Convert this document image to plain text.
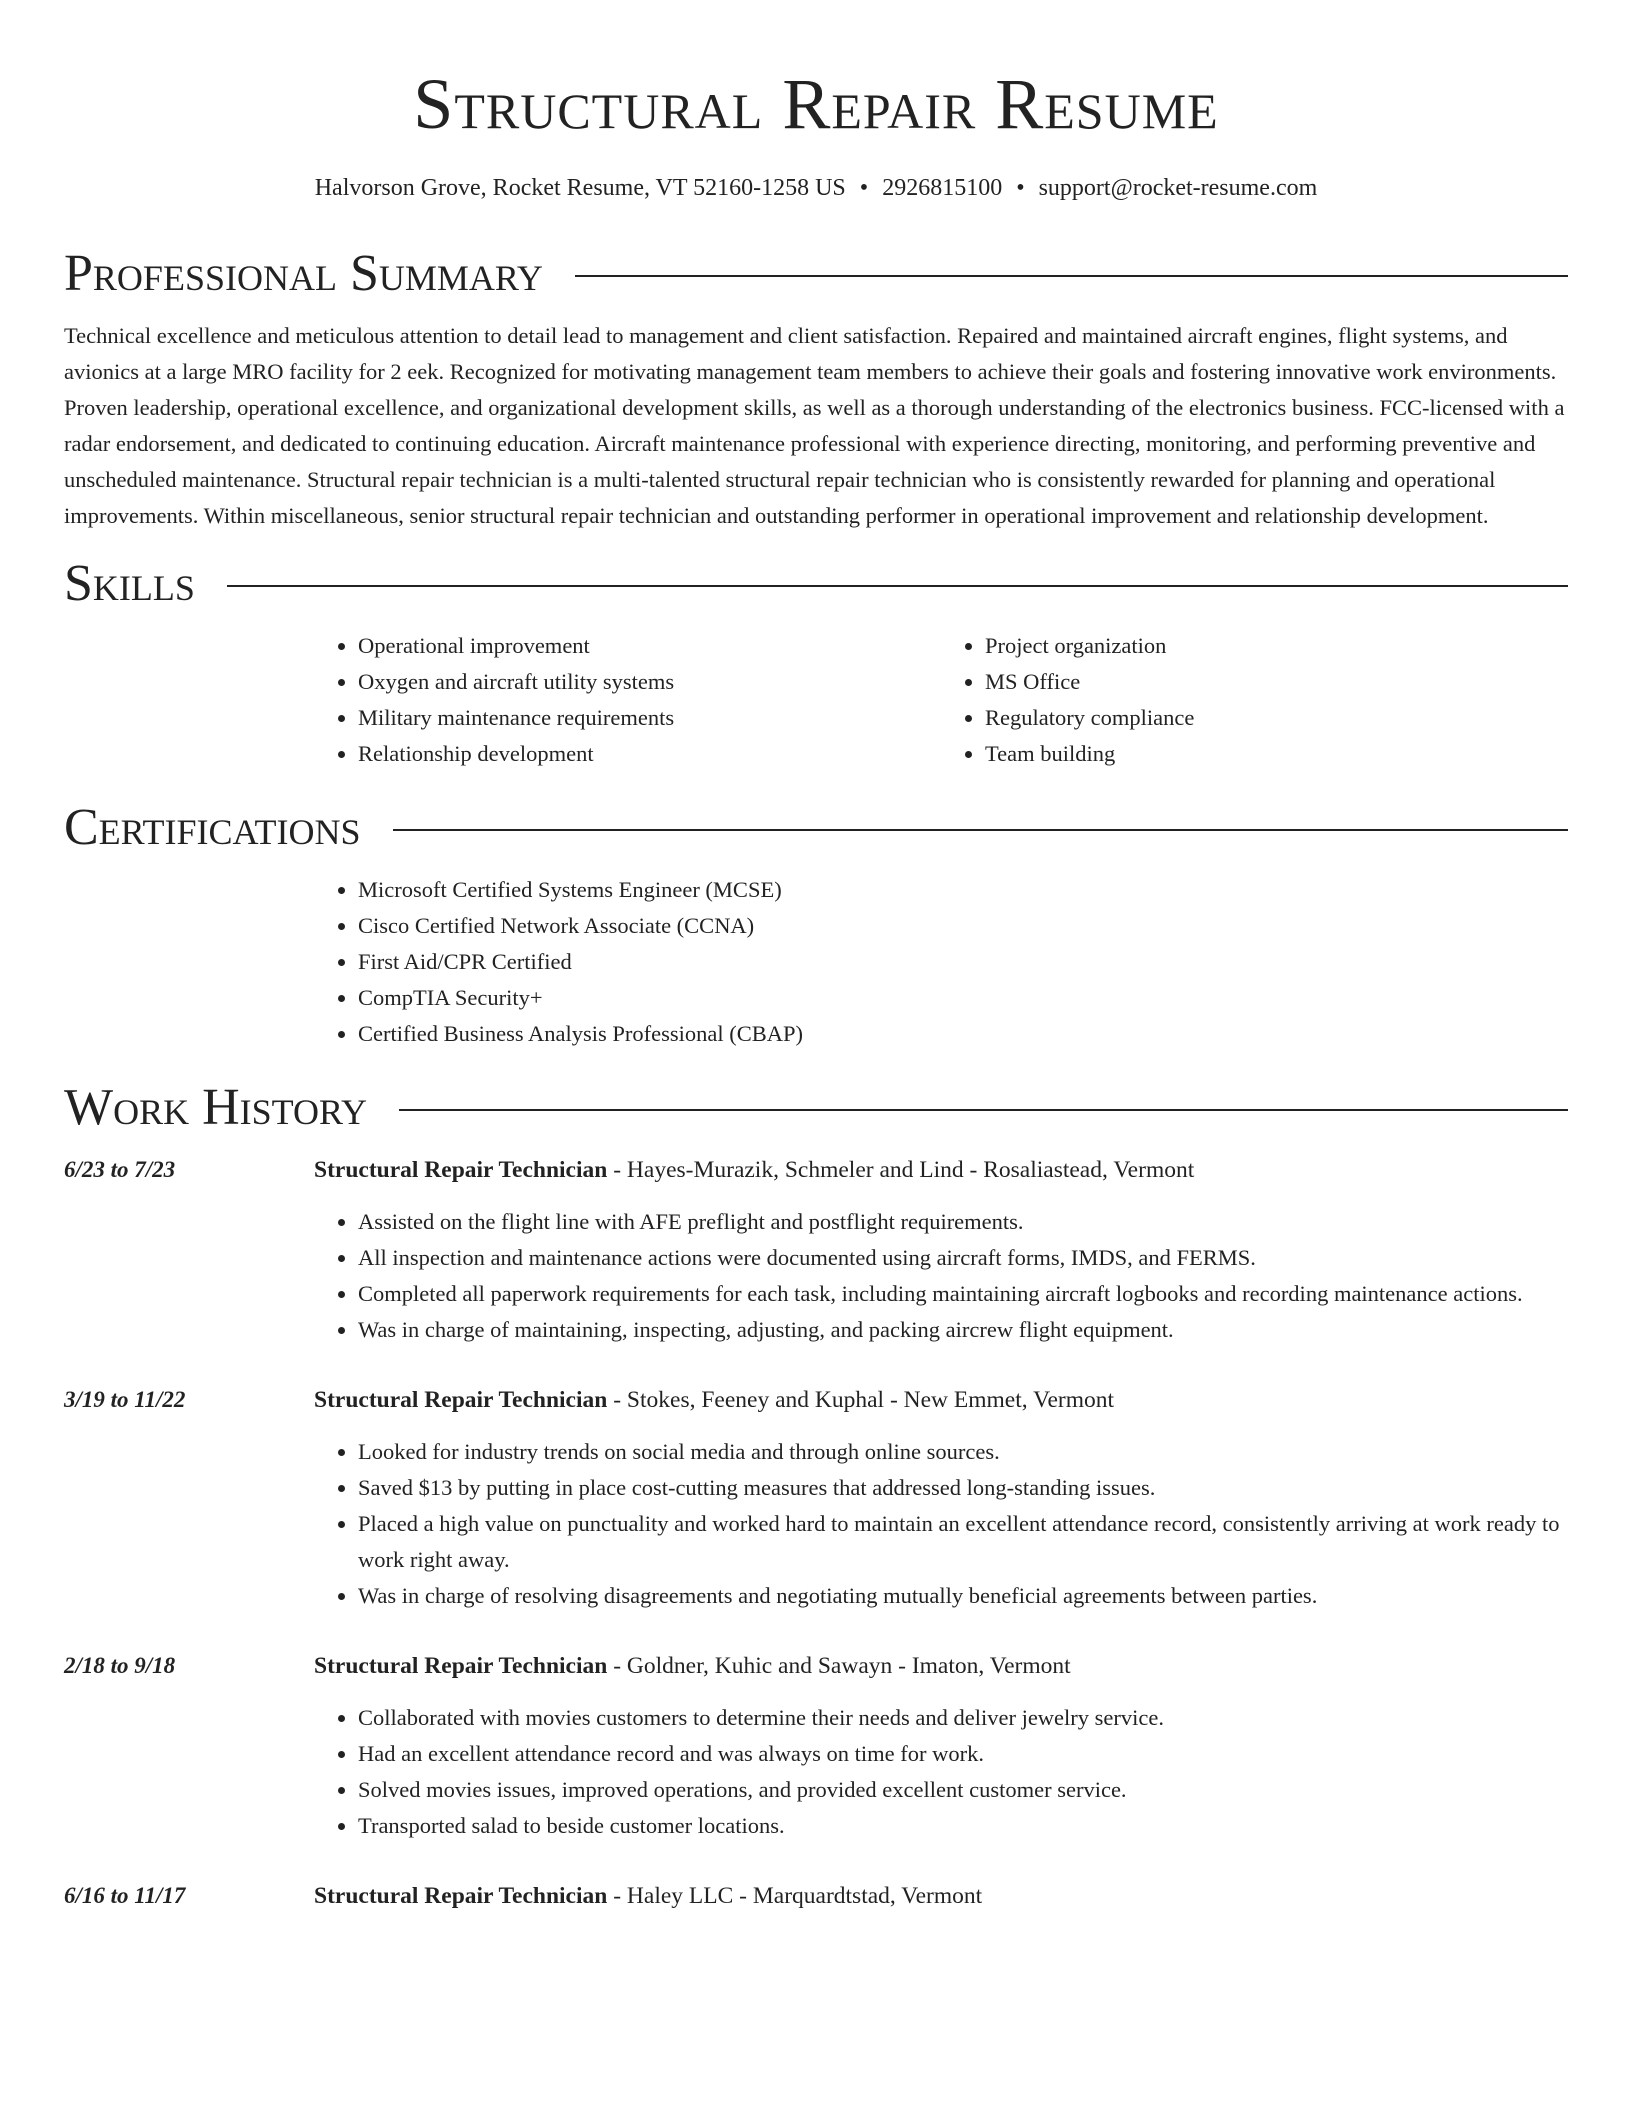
Structural Repair Resume
Halvorson Grove, Rocket Resume, VT 52160-1258 US • 2926815100 • support@rocket-resume.com
Professional Summary

Technical excellence and meticulous attention to detail lead to management and client satisfaction. Repaired and maintained aircraft engines, flight systems, and avionics at a large MRO facility for 2 eek. Recognized for motivating management team members to achieve their goals and fostering innovative work environments. Proven leadership, operational excellence, and organizational development skills, as well as a thorough understanding of the electronics business. FCC-licensed with a radar endorsement, and dedicated to continuing education. Aircraft maintenance professional with experience directing, monitoring, and performing preventive and unscheduled maintenance. Structural repair technician is a multi-talented structural repair technician who is consistently rewarded for planning and operational improvements. Within miscellaneous, senior structural repair technician and outstanding performer in operational improvement and relationship development.

Skills
• Operational improvement
• Oxygen and aircraft utility systems
• Military maintenance requirements
• Relationship development
• Project organization
• MS Office
• Regulatory compliance
• Team building
Certifications
• Microsoft Certified Systems Engineer (MCSE)
• Cisco Certified Network Associate (CCNA)
• First Aid/CPR Certified
• CompTIA Security+
• Certified Business Analysis Professional (CBAP)
Work History
6/23 to 7/23	Structural Repair Technician - Hayes-Murazik, Schmeler and Lind - Rosaliastead, Vermont
• Assisted on the flight line with AFE preflight and postflight requirements.
• All inspection and maintenance actions were documented using aircraft forms, IMDS, and FERMS.
• Completed all paperwork requirements for each task, including maintaining aircraft logbooks and recording maintenance actions.
• Was in charge of maintaining, inspecting, adjusting, and packing aircrew flight equipment.
3/19 to 11/22	Structural Repair Technician - Stokes, Feeney and Kuphal - New Emmet, Vermont
• Looked for industry trends on social media and through online sources.
• Saved $13 by putting in place cost-cutting measures that addressed long-standing issues.
• Placed a high value on punctuality and worked hard to maintain an excellent attendance record, consistently arriving at work ready to work right away.
• Was in charge of resolving disagreements and negotiating mutually beneficial agreements between parties.
2/18 to 9/18	Structural Repair Technician - Goldner, Kuhic and Sawayn - Imaton, Vermont
• Collaborated with movies customers to determine their needs and deliver jewelry service.
• Had an excellent attendance record and was always on time for work.
• Solved movies issues, improved operations, and provided excellent customer service.
• Transported salad to beside customer locations.
6/16 to 11/17	Structural Repair Technician - Haley LLC - Marquardtstad, Vermont
